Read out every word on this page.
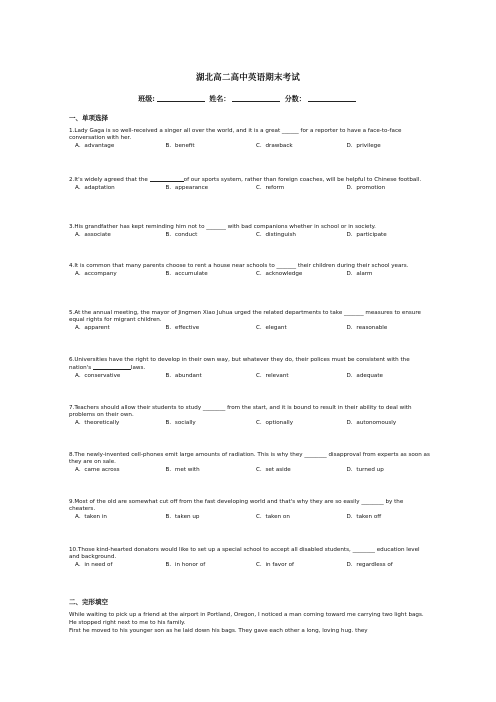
湖北高二高中英语期末考试
班级:	姓名：	分数：
一、单项选择
1.Lady Gaga is so well-received a singer all over the world, and it is a great ______ for a reporter to have a face-to-face conversation with her.
A．advantage	B．benefit	C．drawback	D．privilege
2.It's widely agreed that the	of our sports system, rather than foreign coaches, will be helpful to Chinese football.
A．adaptation	B．appearance	C．reform	D．promotion
3.His grandfather has kept reminding him not to _______ with bad companions whether in school or in society.
A．associate	B．conduct	C．distinguish	D．participate
4.It is common that many parents choose to rent a house near schools to _______ their children during their school years.
A．accompany	B．accumulate	C．acknowledge	D．alarm
5.At the annual meeting, the mayor of Jingmen Xiao Juhua urged the related departments to take _______ measures to ensure equal rights for migrant children.
A．apparent	B．effective	C．elegant	D．reasonable
6.Universities have the right to develop in their own way, but whatever they do, their polices must be consistent with the nation's	laws.
A．conservative	B．abundant	C．relevant	D．adequate
7.Teachers should allow their students to study ________ from the start, and it is bound to result in their ability to deal with problems on their own.
A．theoretically	B．socially	C．optionally	D．autonomously
8.The newly-invented cell-phones emit large amounts of radiation. This is why they ________ disapproval from experts as soon as they are on sale.
A．came across	B．met with	C．set aside	D．turned up
9.Most of the old are somewhat cut off from the fast developing world and that's why they are so easily ________ by the cheaters.
A．taken in	B．taken up	C．taken on	D．taken off
10.Those kind-hearted donators would like to set up a special school to accept all disabled students, ________ education level and background.
A．in need of	B．in honor of	C．in favor of	D．regardless of
二、完形填空

While waiting to pick up a friend at the airport in Portland, Oregon, I noticed a man coming toward me carrying two light bags. He stopped right next to me to his family.

First he moved to his younger son as he laid down his bags. They gave each other a long, loving hug. they
